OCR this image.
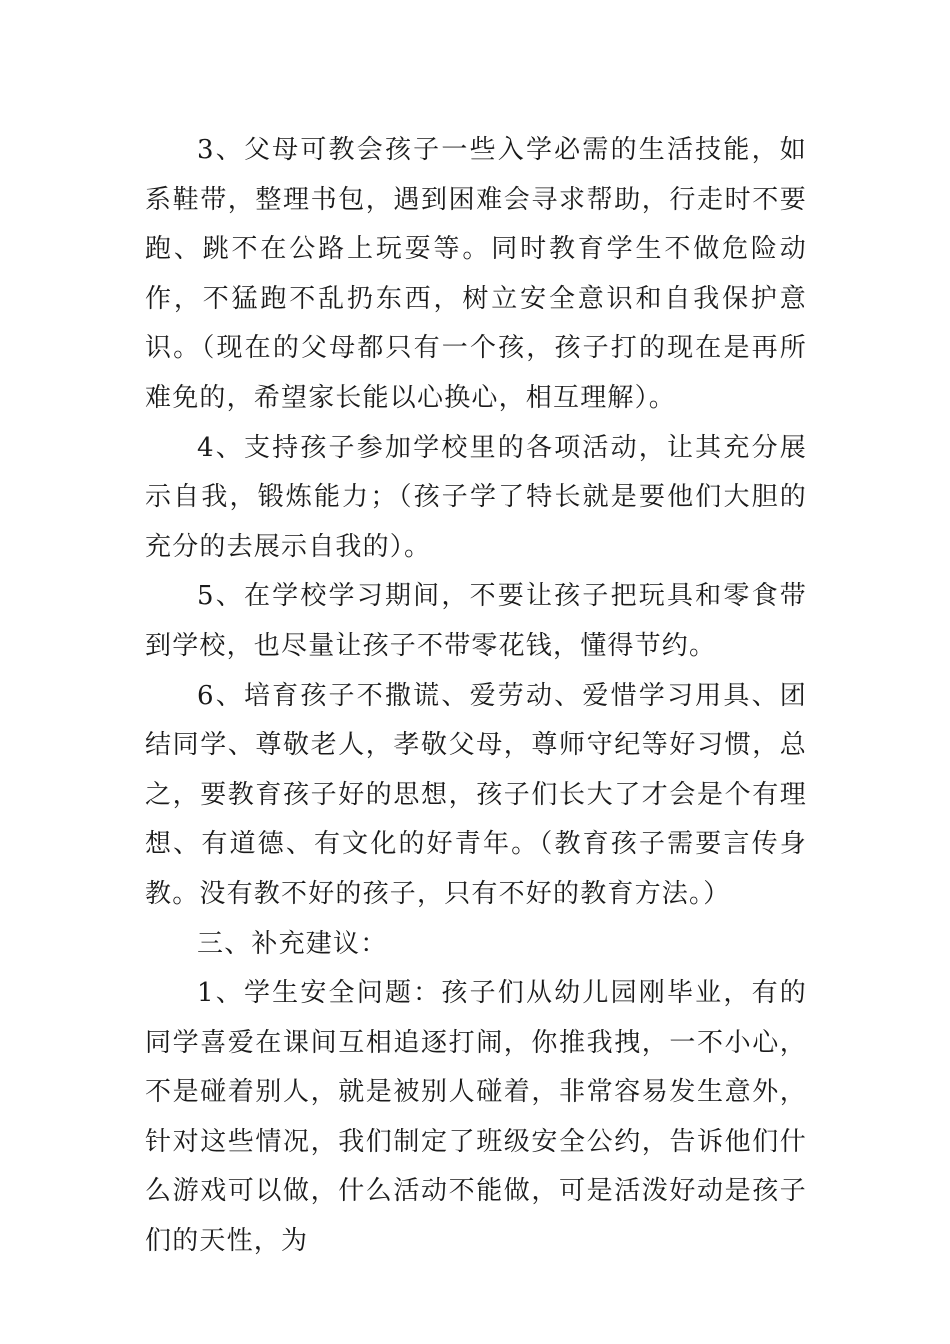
3、父母可教会孩子一些入学必需的生活技能，如系鞋带，整理书包，遇到困难会寻求帮助，行走时不要跑、跳不在公路上玩耍等。同时教育学生不做危险动作，不猛跑不乱扔东西，树立安全意识和自我保护意识。（现在的父母都只有一个孩，孩子打的现在是再所难免的，希望家长能以心换心，相互理解）。

4、支持孩子参加学校里的各项活动，让其充分展示自我，锻炼能力；（孩子学了特长就是要他们大胆的充分的去展示自我的）。

5、在学校学习期间，不要让孩子把玩具和零食带到学校，也尽量让孩子不带零花钱，懂得节约。

6、培育孩子不撒谎、爱劳动、爱惜学习用具、团结同学、尊敬老人，孝敬父母，尊师守纪等好习惯，总之，要教育孩子好的思想，孩子们长大了才会是个有理想、有道德、有文化的好青年。（教育孩子需要言传身教。没有教不好的孩子，只有不好的教育方法。）

三、补充建议：

1、学生安全问题：孩子们从幼儿园刚毕业，有的同学喜爱在课间互相追逐打闹，你推我拽，一不小心，不是碰着别人，就是被别人碰着，非常容易发生意外，针对这些情况，我们制定了班级安全公约，告诉他们什么游戏可以做，什么活动不能做，可是活泼好动是孩子们的天性，为
